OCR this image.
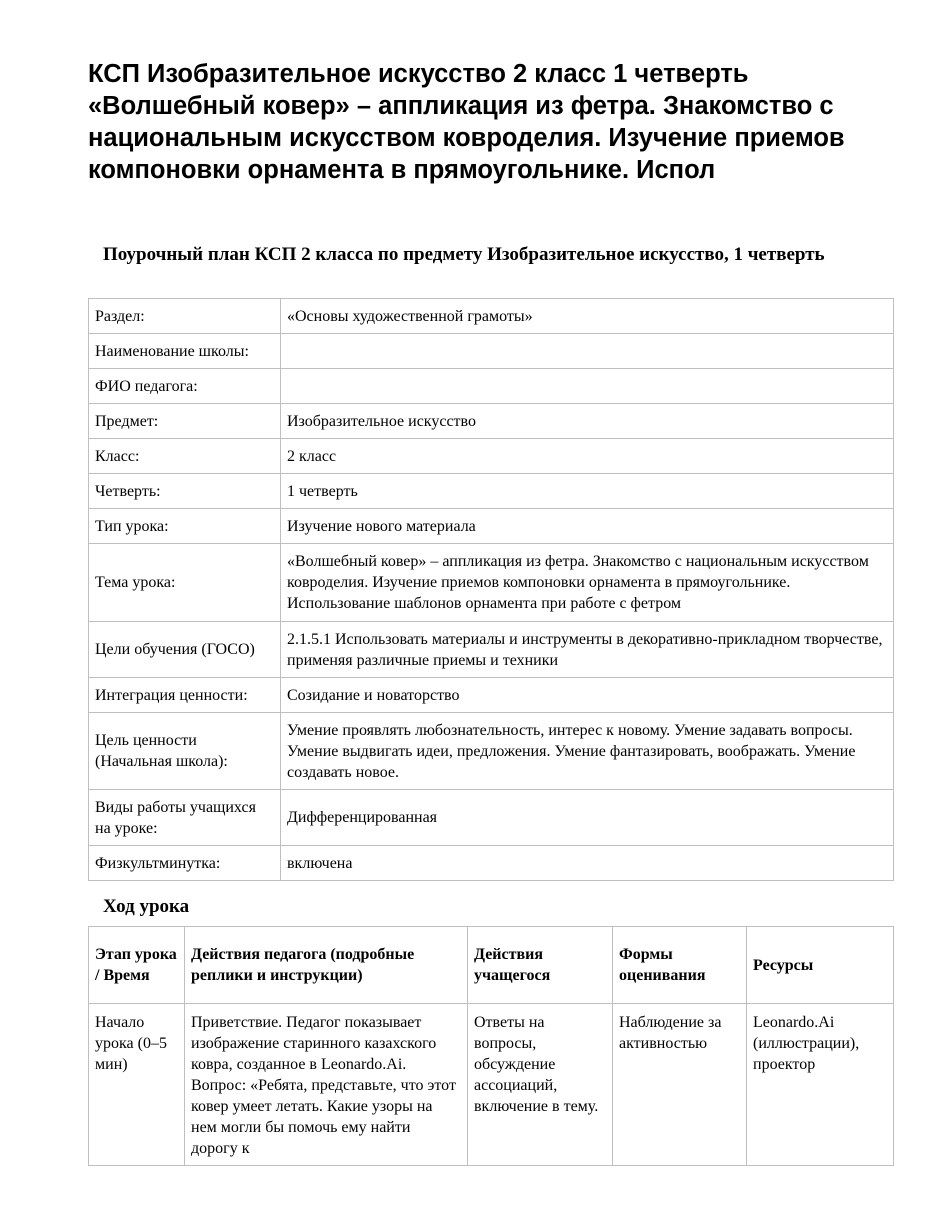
КСП Изобразительное искусство 2 класс 1 четверть «Волшебный ковер» – аппликация из фетра. Знакомство с национальным искусством ковроделия. Изучение приемов компоновки орнамента в прямоугольнике. Испол
Поурочный план КСП 2 класса по предмету Изобразительное искусство, 1 четверть
Раздел:	«Основы художественной грамоты»
Наименование школы:	
ФИО педагога:	
Предмет:	Изобразительное искусство
Класс:	2 класс
Четверть:	1 четверть
Тип урока:	Изучение нового материала
Тема урока:	«Волшебный ковер» – аппликация из фетра. Знакомство с национальным искусством ковроделия. Изучение приемов компоновки орнамента в прямоугольнике. Использование шаблонов орнамента при работе с фетром
Цели обучения (ГОСО)	2.1.5.1 Использовать материалы и инструменты в декоративно-прикладном творчестве, применяя различные приемы и техники
Интеграция ценности:	Созидание и новаторство
Цель ценности (Начальная школа):	Умение проявлять любознательность, интерес к новому. Умение задавать вопросы. Умение выдвигать идеи, предложения. Умение фантазировать, воображать. Умение создавать новое.
Виды работы учащихся на уроке:	Дифференцированная
Физкультминутка:	включена
Ход урока
Этап урока / Время	Действия педагога (подробные реплики и инструкции)	Действия учащегося	Формы оценивания	Ресурсы

Начало урока (0–5 мин)	Приветствие. Педагог показывает изображение старинного казахского ковра, созданное в Leonardo.Ai. Вопрос: «Ребята, представьте, что этот ковер умеет летать. Какие узоры на нем могли бы помочь ему найти дорогу к	Ответы на вопросы, обсуждение ассоциаций, включение в тему.	Наблюдение за активностью	Leonardo.Ai (иллюстрации), проектор
